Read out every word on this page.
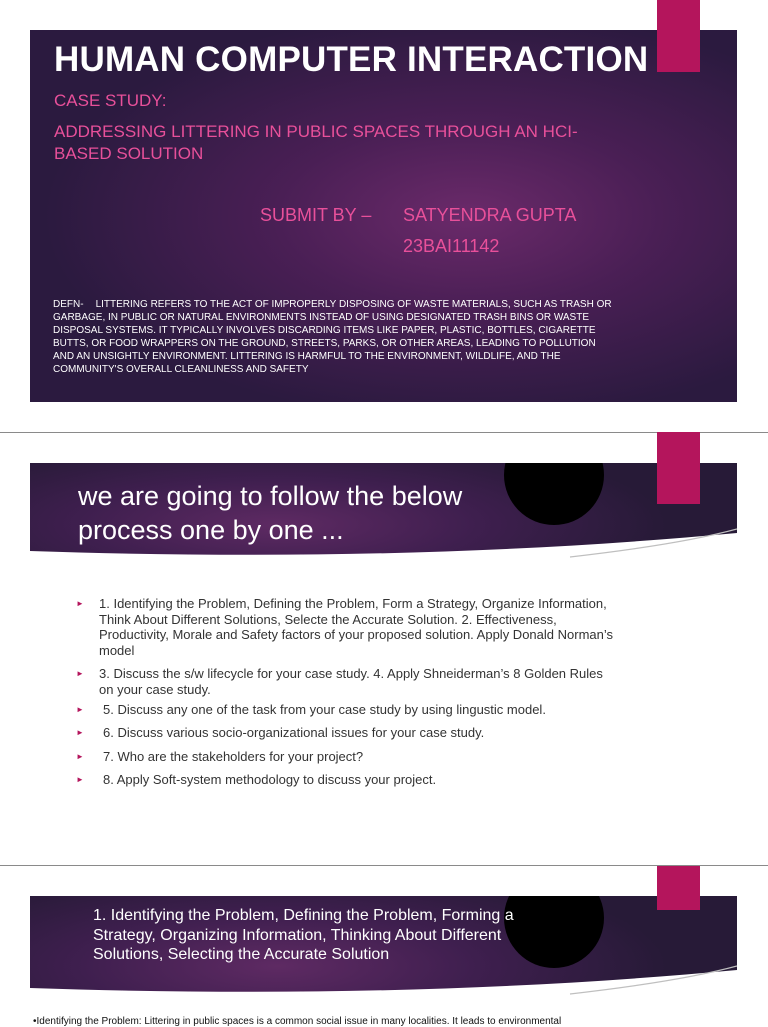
HUMAN COMPUTER INTERACTION
CASE STUDY:
ADDRESSING LITTERING IN PUBLIC SPACES THROUGH AN HCI- BASED SOLUTION
SUBMIT BY – SATYENDRA GUPTA
23BAI11142

DEFN- LITTERING REFERS TO THE ACT OF IMPROPERLY DISPOSING OF WASTE MATERIALS, SUCH AS TRASH OR GARBAGE, IN PUBLIC OR NATURAL ENVIRONMENTS INSTEAD OF USING DESIGNATED TRASH BINS OR WASTE DISPOSAL SYSTEMS. IT TYPICALLY INVOLVES DISCARDING ITEMS LIKE PAPER, PLASTIC, BOTTLES, CIGARETTE BUTTS, OR FOOD WRAPPERS ON THE GROUND, STREETS, PARKS, OR OTHER AREAS, LEADING TO POLLUTION AND AN UNSIGHTLY ENVIRONMENT. LITTERING IS HARMFUL TO THE ENVIRONMENT, WILDLIFE, AND THE COMMUNITY'S OVERALL CLEANLINESS AND SAFETY

we are going to follow the below process one by one ...
► 1. Identifying the Problem, Defining the Problem, Form a Strategy, Organize Information, Think About Different Solutions, Selecte the Accurate Solution. 2. Effectiveness, Productivity, Morale and Safety factors of your proposed solution. Apply Donald Norman’s model
► 3. Discuss the s/w lifecycle for your case study. 4. Apply Shneiderman’s 8 Golden Rules on your case study.
► 5. Discuss any one of the task from your case study by using lingustic model.
► 6. Discuss various socio-organizational issues for your case study.
► 7. Who are the stakeholders for your project?
► 8. Apply Soft-system methodology to discuss your project.
1. Identifying the Problem, Defining the Problem, Forming a Strategy, Organizing Information, Thinking About Different Solutions, Selecting the Accurate Solution

•Identifying the Problem: Littering in public spaces is a common social issue in many localities. It leads to environmental
